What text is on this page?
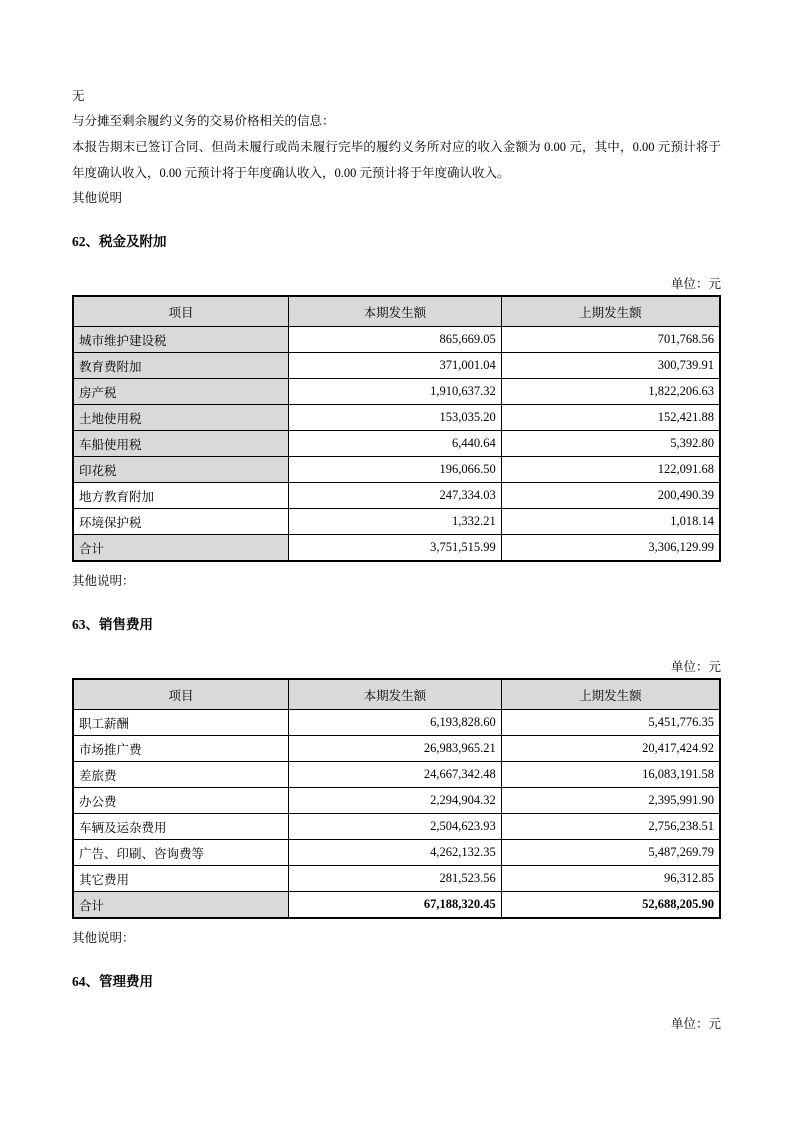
无

与分摊至剩余履约义务的交易价格相关的信息：

本报告期末已签订合同、但尚未履行或尚未履行完毕的履约义务所对应的收入金额为 0.00 元，其中，0.00 元预计将于年度确认收入，0.00 元预计将于年度确认收入，0.00 元预计将于年度确认收入。

其他说明

62、税金及附加
单位：元
项目	本期发生额	上期发生额
城市维护建设税	865,669.05	701,768.56
教育费附加	371,001.04	300,739.91
房产税	1,910,637.32	1,822,206.63
土地使用税	153,035.20	152,421.88
车船使用税	6,440.64	5,392.80
印花税	196,066.50	122,091.68
地方教育附加	247,334.03	200,490.39
环境保护税	1,332.21	1,018.14
合计	3,751,515.99	3,306,129.99

其他说明：

63、销售费用
单位：元
项目	本期发生额	上期发生额
职工薪酬	6,193,828.60	5,451,776.35
市场推广费	26,983,965.21	20,417,424.92
差旅费	24,667,342.48	16,083,191.58
办公费	2,294,904.32	2,395,991.90
车辆及运杂费用	2,504,623.93	2,756,238.51
广告、印刷、咨询费等	4,262,132.35	5,487,269.79
其它费用	281,523.56	96,312.85
合计	67,188,320.45	52,688,205.90

其他说明：

64、管理费用
单位：元
